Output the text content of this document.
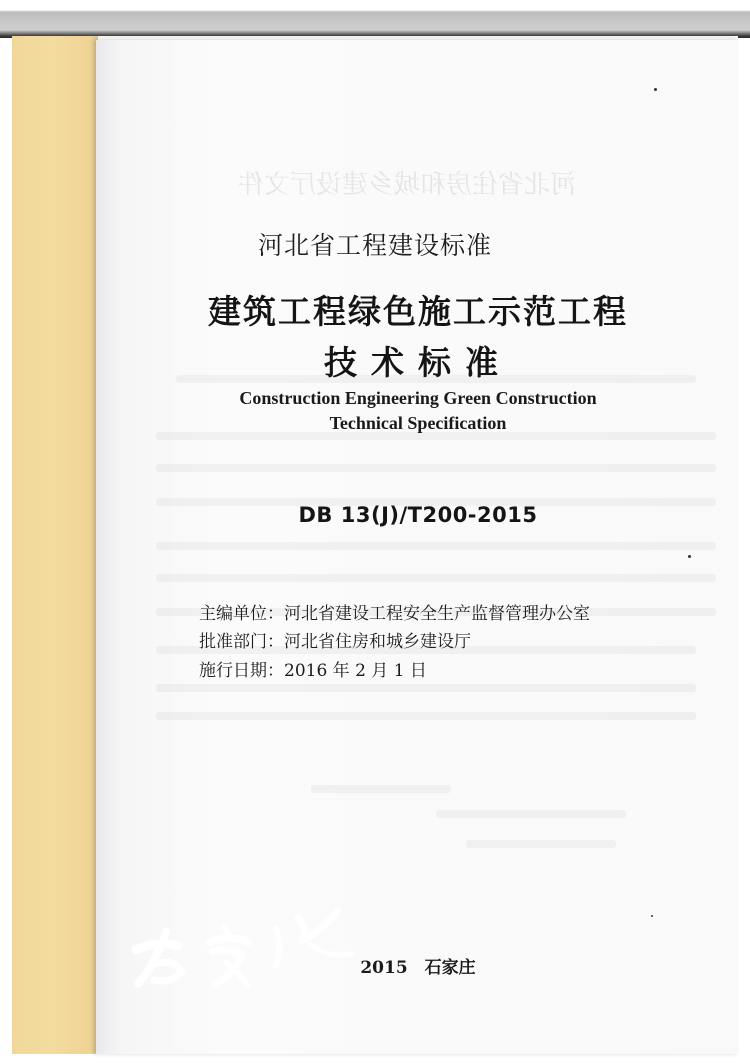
河北省住房和城乡建设厅文件
河北省工程建设标准
建筑工程绿色施工示范工程
技术标准
Construction Engineering Green Construction
Technical Specification
DB 13(J)/T200-2015
主编单位：河北省建设工程安全生产监督管理办公室
批准部门：河北省住房和城乡建设厅
施行日期：2016 年 2 月 1 日
2015　石家庄
